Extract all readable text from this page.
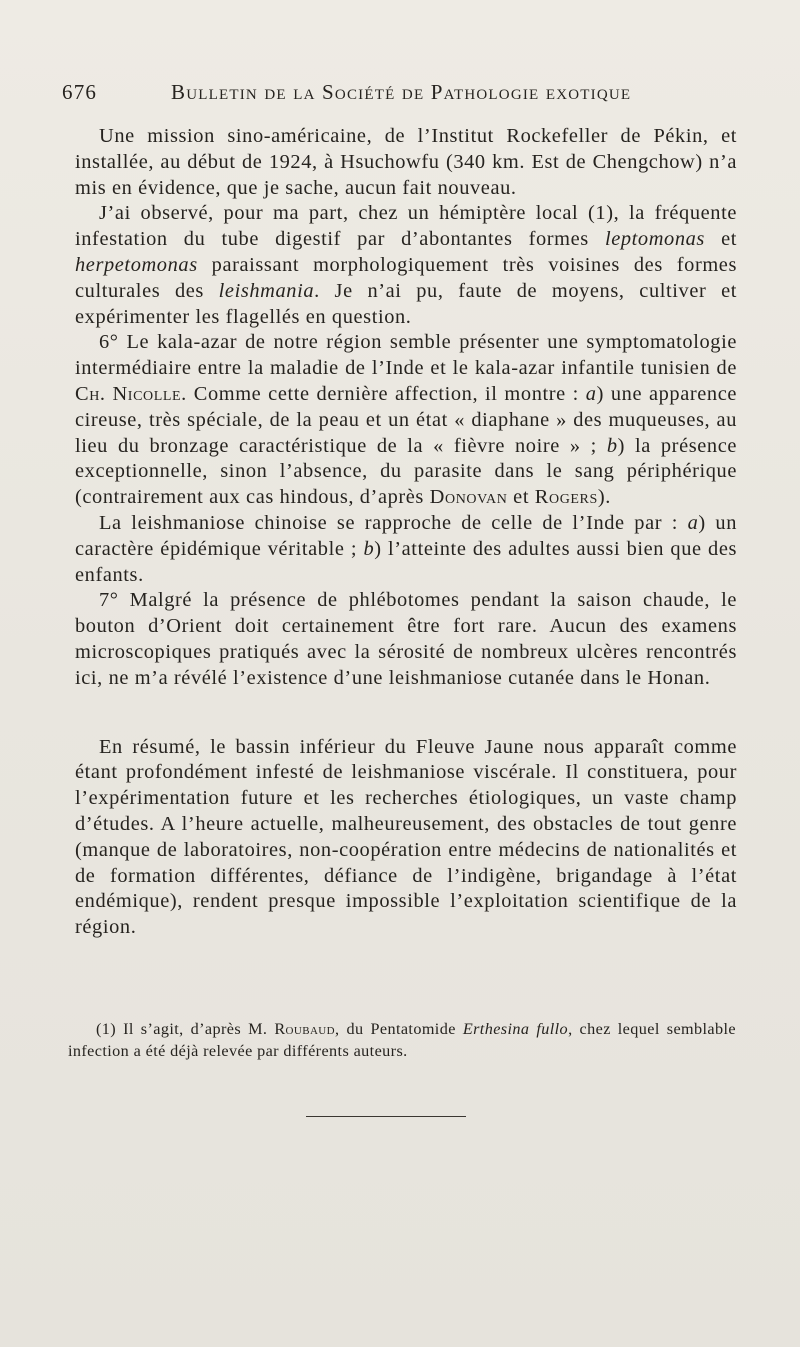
676	Bulletin de la Société de Pathologie exotique

Une mission sino-américaine, de l’Institut Rockefeller de Pékin, et installée, au début de 1924, à Hsuchowfu (340 km. Est de Chengchow) n’a mis en évidence, que je sache, aucun fait nouveau.

J’ai observé, pour ma part, chez un hémiptère local (1), la fréquente infestation du tube digestif par d’abontantes formes leptomonas et herpetomonas paraissant morphologiquement très voisines des formes culturales des leishmania. Je n’ai pu, faute de moyens, cultiver et expérimenter les flagellés en question.

6° Le kala-azar de notre région semble présenter une symptomatologie intermédiaire entre la maladie de l’Inde et le kala-azar infantile tunisien de Ch. Nicolle. Comme cette dernière affection, il montre : a) une apparence cireuse, très spéciale, de la peau et un état « diaphane » des muqueuses, au lieu du bronzage caractéristique de la « fièvre noire » ; b) la présence exceptionnelle, sinon l’absence, du parasite dans le sang périphérique (contrairement aux cas hindous, d’après Donovan et Rogers).

La leishmaniose chinoise se rapproche de celle de l’Inde par : a) un caractère épidémique véritable ; b) l’atteinte des adultes aussi bien que des enfants.

7° Malgré la présence de phlébotomes pendant la saison chaude, le bouton d’Orient doit certainement être fort rare. Aucun des examens microscopiques pratiqués avec la sérosité de nombreux ulcères rencontrés ici, ne m’a révélé l’existence d’une leishmaniose cutanée dans le Honan.

En résumé, le bassin inférieur du Fleuve Jaune nous apparaît comme étant profondément infesté de leishmaniose viscérale. Il constituera, pour l’expérimentation future et les recherches étiologiques, un vaste champ d’études. A l’heure actuelle, malheureusement, des obstacles de tout genre (manque de laboratoires, non-coopération entre médecins de nationalités et de formation différentes, défiance de l’indigène, brigandage à l’état endémique), rendent presque impossible l’exploitation scientifique de la région.

(1) Il s’agit, d’après M. Roubaud, du Pentatomide Erthesina fullo, chez lequel semblable infection a été déjà relevée par différents auteurs.
